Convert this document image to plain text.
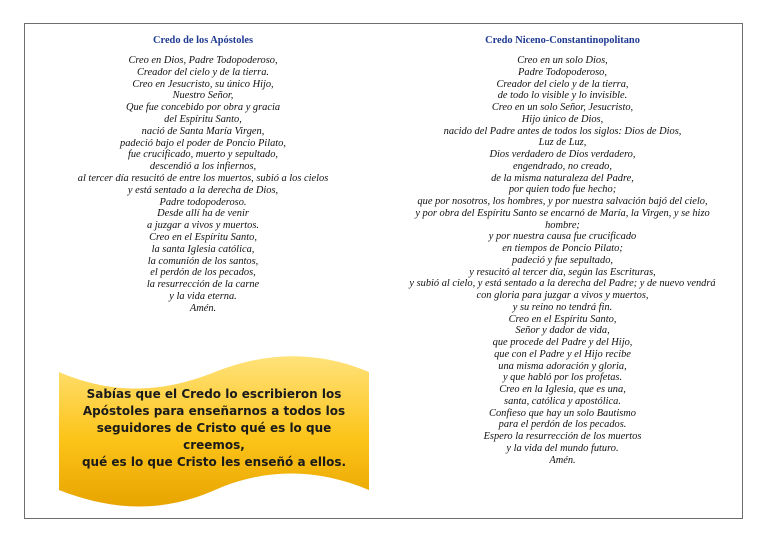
Credo de los Apóstoles

Creo en Dios, Padre Todopoderoso,

Creador del cielo y de la tierra.

Creo en Jesucristo, su único Hijo,

Nuestro Señor,

Que fue concebido por obra y gracia

del Espíritu Santo,

nació de Santa María Virgen,

padeció bajo el poder de Poncio Pilato,

fue crucificado, muerto y sepultado,

descendió a los infiernos,

al tercer día resucitó de entre los muertos, subió a los cielos

y está sentado a la derecha de Dios,

Padre todopoderoso.

Desde allí ha de venir

a juzgar a vivos y muertos.

Creo en el Espíritu Santo,

la santa Iglesia católica,

la comunión de los santos,

el perdón de los pecados,

la resurrección de la carne

y la vida eterna.

Amén.

Credo Niceno-Constantinopolitano

Creo en un solo Dios,

Padre Todopoderoso,

Creador del cielo y de la tierra,

de todo lo visible y lo invisible.

Creo en un solo Señor, Jesucristo,

Hijo único de Dios,

nacido del Padre antes de todos los siglos: Dios de Dios,

Luz de Luz,

Dios verdadero de Dios verdadero,

engendrado, no creado,

de la misma naturaleza del Padre,

por quien todo fue hecho;

que por nosotros, los hombres, y por nuestra salvación bajó del cielo,

y por obra del Espíritu Santo se encarnó de María, la Virgen, y se hizo

hombre;

y por nuestra causa fue crucificado

en tiempos de Poncio Pilato;

padeció y fue sepultado,

y resucitó al tercer día, según las Escrituras,

y subió al cielo, y está sentado a la derecha del Padre; y de nuevo vendrá

con gloria para juzgar a vivos y muertos,

y su reino no tendrá fin.

Creo en el Espíritu Santo,

Señor y dador de vida,

que procede del Padre y del Hijo,

que con el Padre y el Hijo recibe

una misma adoración y gloria,

y que habló por los profetas.

Creo en la Iglesia, que es una,

santa, católica y apostólica.

Confieso que hay un solo Bautismo

para el perdón de los pecados.

Espero la resurrección de los muertos

y la vida del mundo futuro.

Amén.

Sabías que el Credo lo escribieron los
Apóstoles para enseñarnos a todos los
seguidores de Cristo qué es lo que creemos,
qué es lo que Cristo les enseñó a ellos.
